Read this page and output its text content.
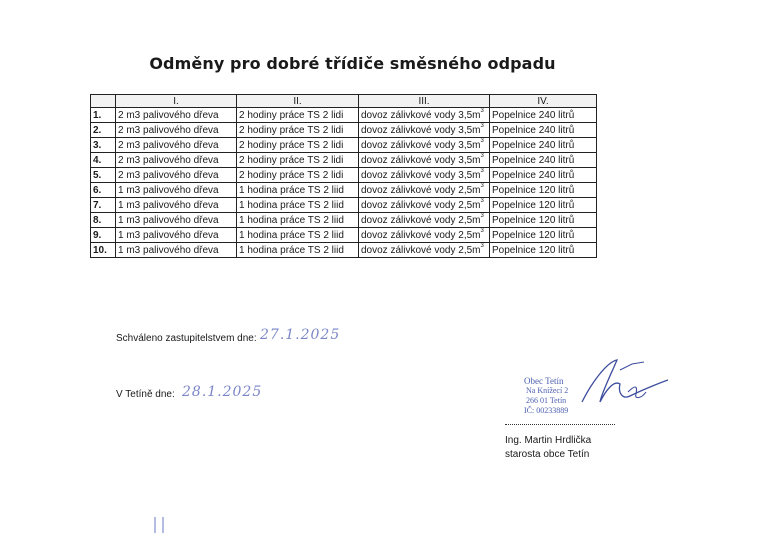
Odměny pro dobré třídiče směsného odpadu
	I.	II.	III.	IV.
1.	2 m3 palivového dřeva	2 hodiny práce TS 2 lidi	dovoz zálivkové vody $3,5m^3$	Popelnice 240 litrů
2.	2 m3 palivového dřeva	2 hodiny práce TS 2 lidi	dovoz zálivkové vody $3,5m^3$	Popelnice 240 litrů
3.	2 m3 palivového dřeva	2 hodiny práce TS 2 lidi	dovoz zálivkové vody $3,5m^3$	Popelnice 240 litrů
4.	2 m3 palivového dřeva	2 hodiny práce TS 2 lidi	dovoz zálivkové vody $3,5m^3$	Popelnice 240 litrů
5.	2 m3 palivového dřeva	2 hodiny práce TS 2 lidi	dovoz zálivkové vody $3,5m^3$	Popelnice 240 litrů
6.	1 m3 palivového dřeva	1 hodina práce TS 2 liid	dovoz zálivkové vody $2,5m^3$	Popelnice 120 litrů
7.	1 m3 palivového dřeva	1 hodina práce TS 2 liid	dovoz zálivkové vody $2,5m^3$	Popelnice 120 litrů
8.	1 m3 palivového dřeva	1 hodina práce TS 2 liid	dovoz zálivkové vody $2,5m^3$	Popelnice 120 litrů
9.	1 m3 palivového dřeva	1 hodina práce TS 2 liid	dovoz zálivkové vody $2,5m^3$	Popelnice 120 litrů
10.	1 m3 palivového dřeva	1 hodina práce TS 2 liid	dovoz zálivkové vody $2,5m^3$	Popelnice 120 litrů
Schváleno zastupitelstvem dne: 27.1.2025
V Tetíně dne: 28.1.2025
Obec Tetín
Na Knížecí 2
266 01 Tetín
IČ: 00233889
Ing. Martin Hrdlička
starosta obce Tetín
